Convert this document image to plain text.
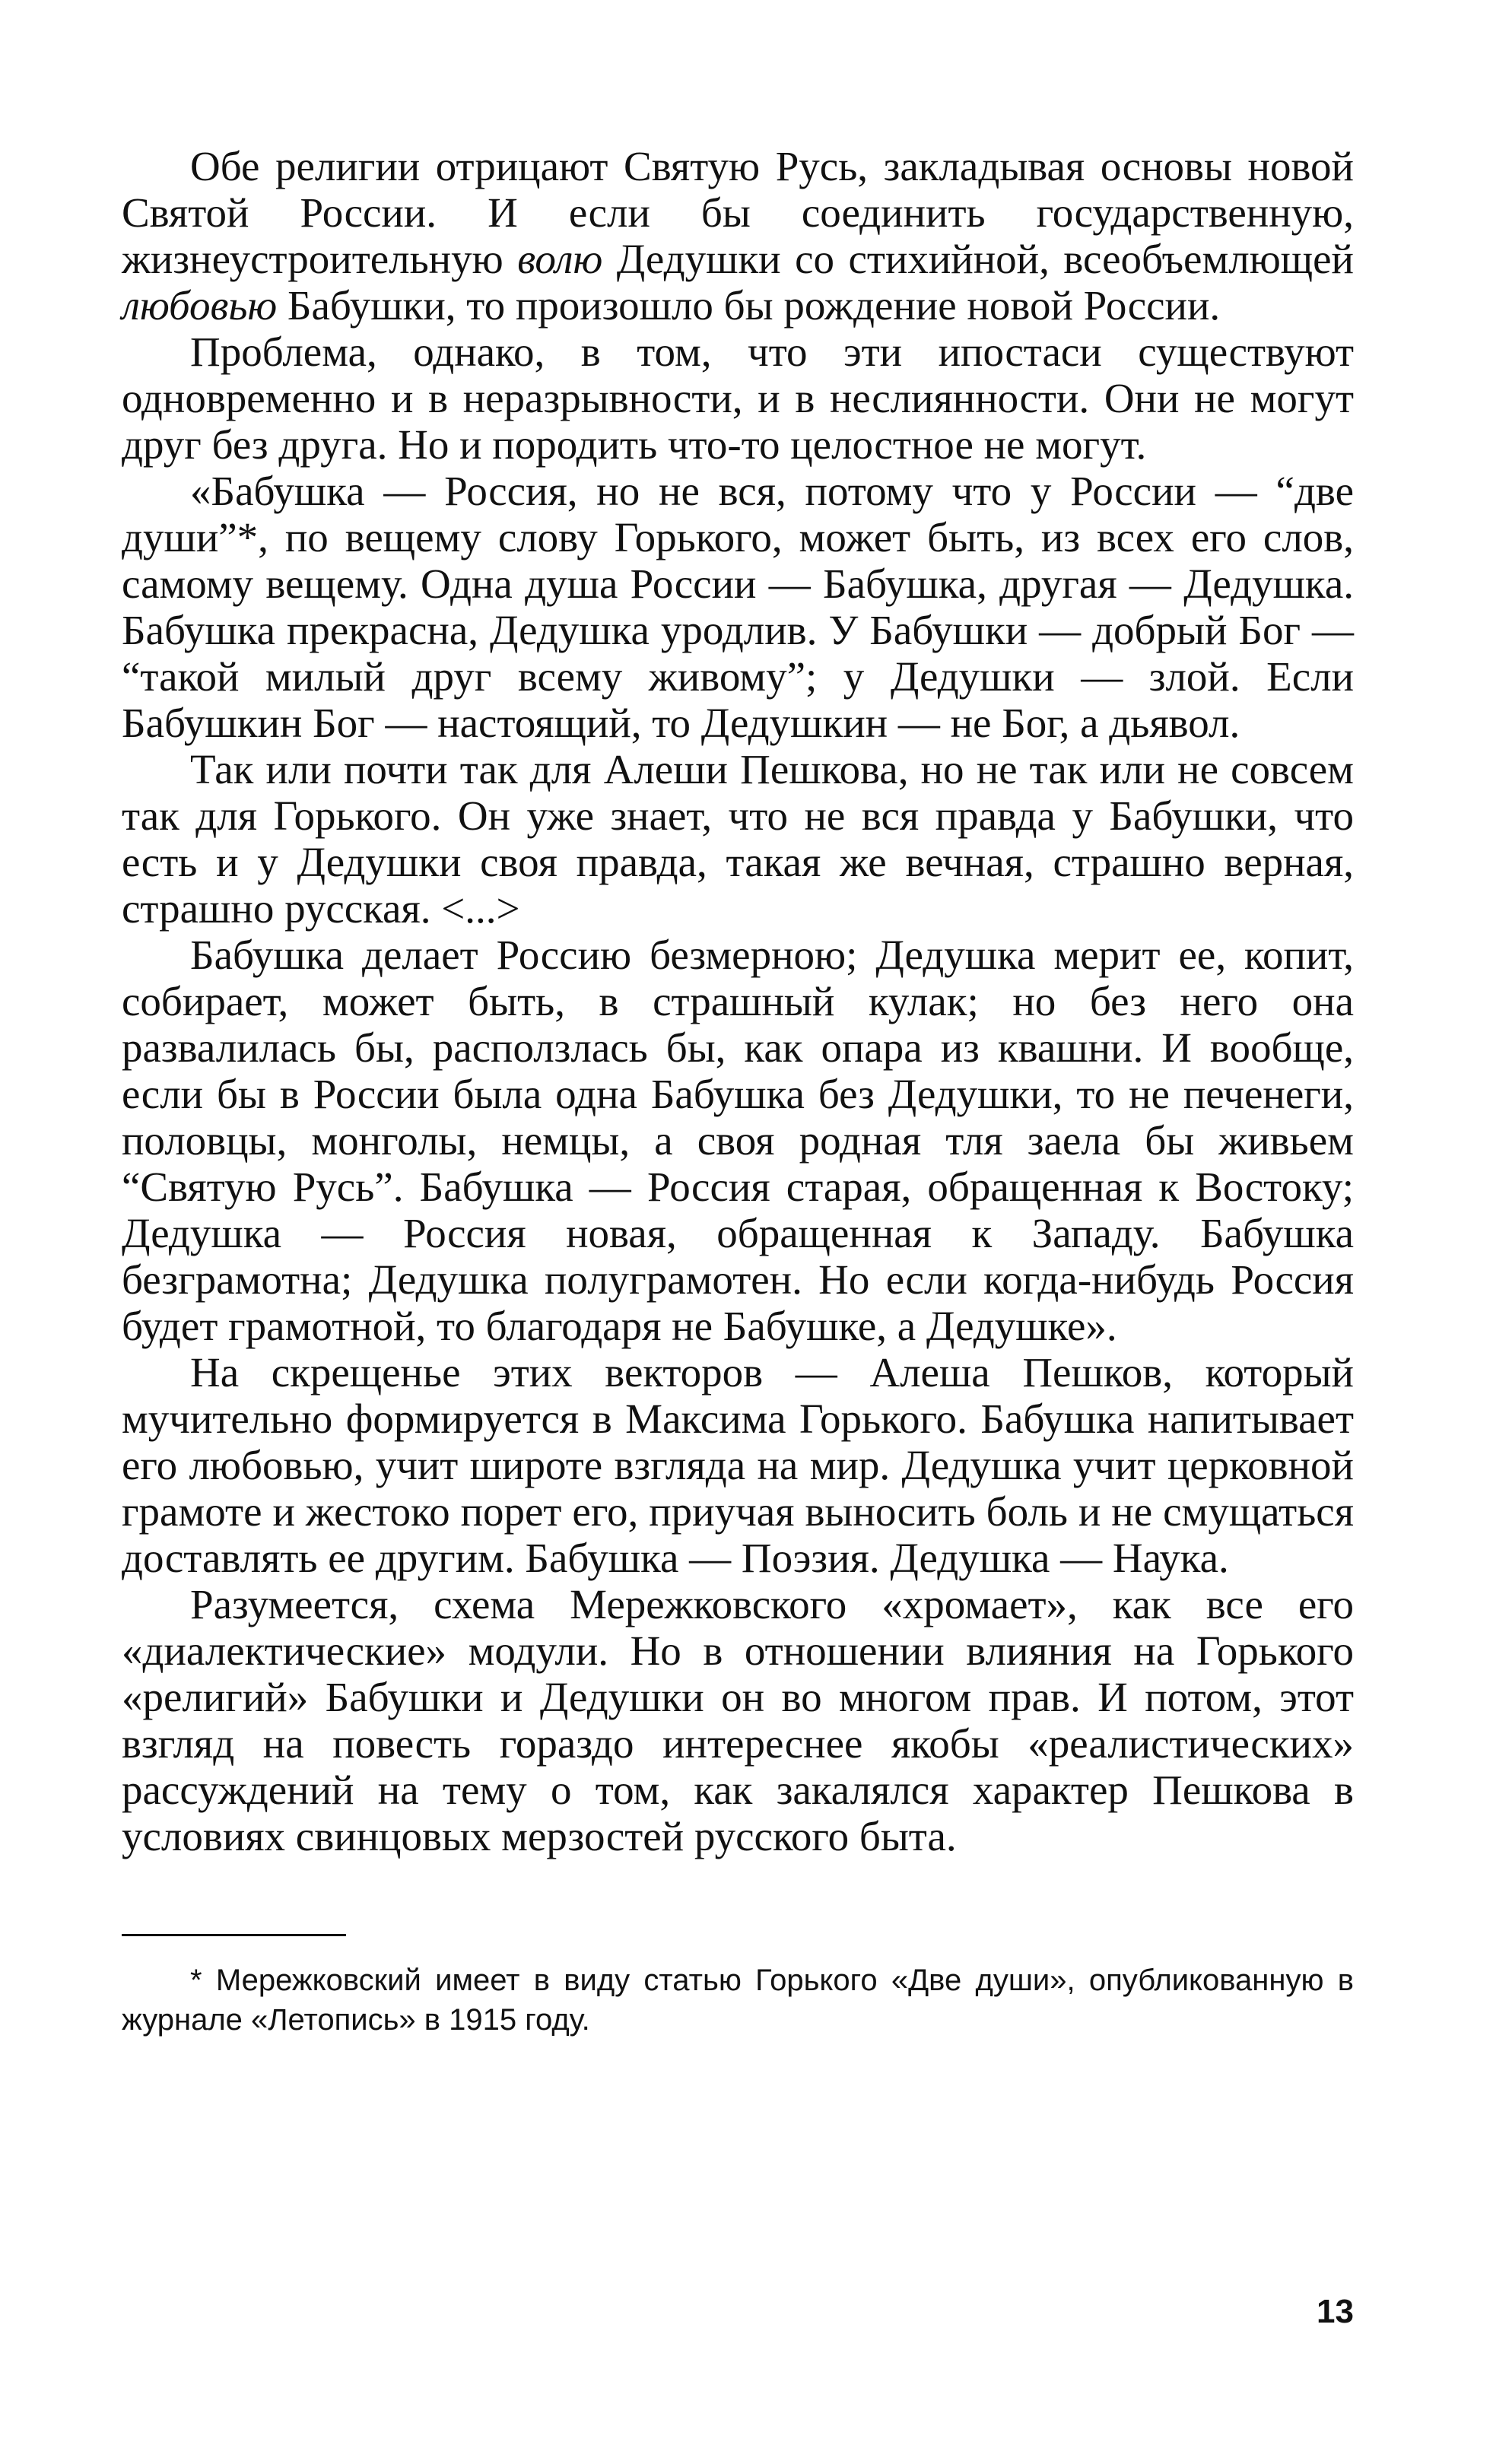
Обе религии отрицают Святую Русь, закладывая основы новой Святой России. И если бы соединить государственную, жизнеустроительную волю Дедушки со стихийной, всеобъемлющей любовью Бабушки, то произошло бы рождение новой России.

Проблема, однако, в том, что эти ипостаси существуют одновременно и в неразрывности, и в неслиянности. Они не могут друг без друга. Но и породить что-то целостное не могут.

«Бабушка — Россия, но не вся, потому что у России — “две души”*, по вещему слову Горького, может быть, из всех его слов, самому вещему. Одна душа России — Бабушка, другая — Дедушка. Бабушка прекрасна, Дедушка уродлив. У Бабушки — добрый Бог — “такой милый друг всему живому”; у Дедушки — злой. Если Бабушкин Бог — настоящий, то Дедушкин — не Бог, а дьявол.

Так или почти так для Алеши Пешкова, но не так или не совсем так для Горького. Он уже знает, что не вся правда у Бабушки, что есть и у Дедушки своя правда, такая же вечная, страшно верная, страшно русская. <...>

Бабушка делает Россию безмерною; Дедушка мерит ее, копит, собирает, может быть, в страшный кулак; но без него она развалилась бы, расползлась бы, как опара из квашни. И вообще, если бы в России была одна Бабушка без Дедушки, то не печенеги, половцы, монголы, немцы, а своя родная тля заела бы живьем “Святую Русь”. Бабушка — Россия старая, обращенная к Востоку; Дедушка — Россия новая, обращенная к Западу. Бабушка безграмотна; Дедушка полуграмотен. Но если когда-нибудь Россия будет грамотной, то благодаря не Бабушке, а Дедушке».

На скрещенье этих векторов — Алеша Пешков, который мучительно формируется в Максима Горького. Бабушка напитывает его любовью, учит широте взгляда на мир. Дедушка учит церковной грамоте и жестоко порет его, приучая выносить боль и не смущаться доставлять ее другим. Бабушка — Поэзия. Дедушка — Наука.

Разумеется, схема Мережковского «хромает», как все его «диалектические» модули. Но в отношении влияния на Горького «религий» Бабушки и Дедушки он во многом прав. И потом, этот взгляд на повесть гораздо интереснее якобы «реалистических» рассуждений на тему о том, как закалялся характер Пешкова в условиях свинцовых мерзостей русского быта.

* Мережковский имеет в виду статью Горького «Две души», опубликованную в журнале «Летопись» в 1915 году.
13
